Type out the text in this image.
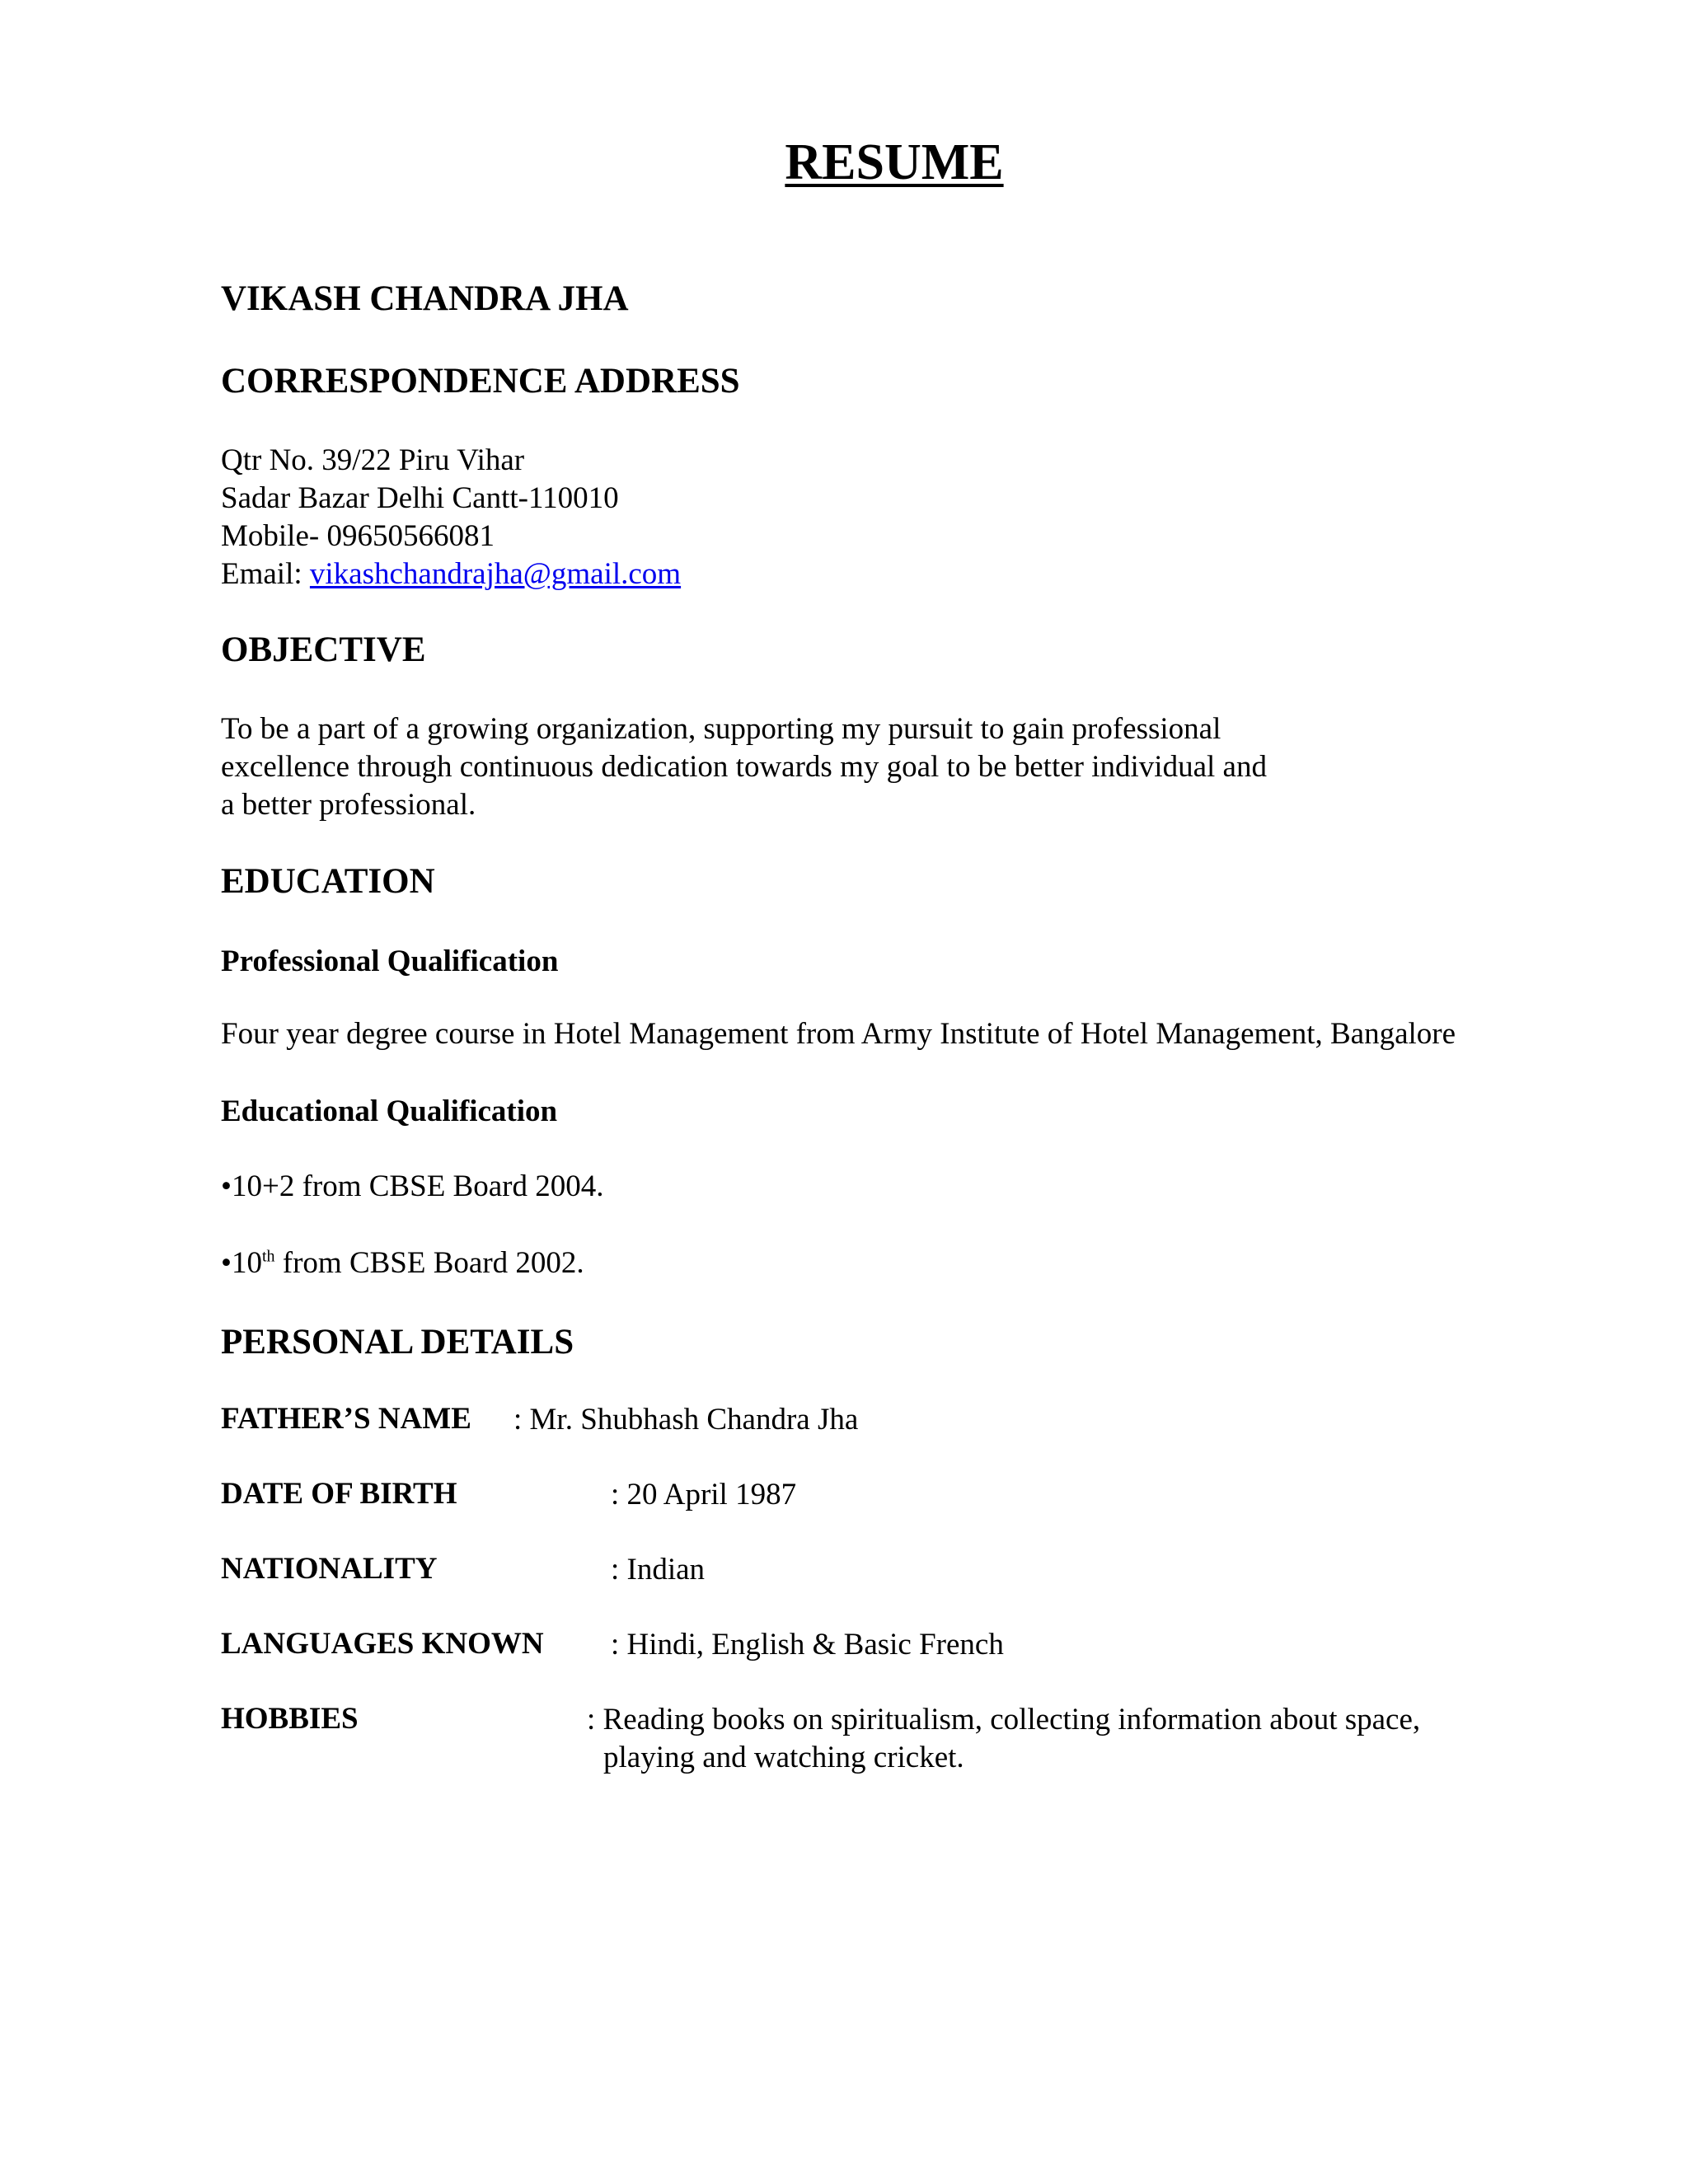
RESUME
VIKASH CHANDRA JHA
CORRESPONDENCE ADDRESS
Qtr No. 39/22 Piru Vihar
Sadar Bazar Delhi Cantt-110010
Mobile- 09650566081
Email: vikashchandrajha@gmail.com
OBJECTIVE
To be a part of a growing organization, supporting my pursuit to gain professional
excellence through continuous dedication towards my goal to be better individual and
a better professional.
EDUCATION
Professional Qualification
Four year degree course in Hotel Management from Army Institute of Hotel Management, Bangalore
Educational Qualification
•10+2 from CBSE Board 2004.
•10th from CBSE Board 2002.
PERSONAL DETAILS
FATHER’S NAME : Mr. Shubhash Chandra Jha
DATE OF BIRTH	: 20 April 1987
NATIONALITY	: Indian
LANGUAGES KNOWN : Hindi, English & Basic French
HOBBIES	: Reading books on spiritualism, collecting information about space,
playing and watching cricket.
